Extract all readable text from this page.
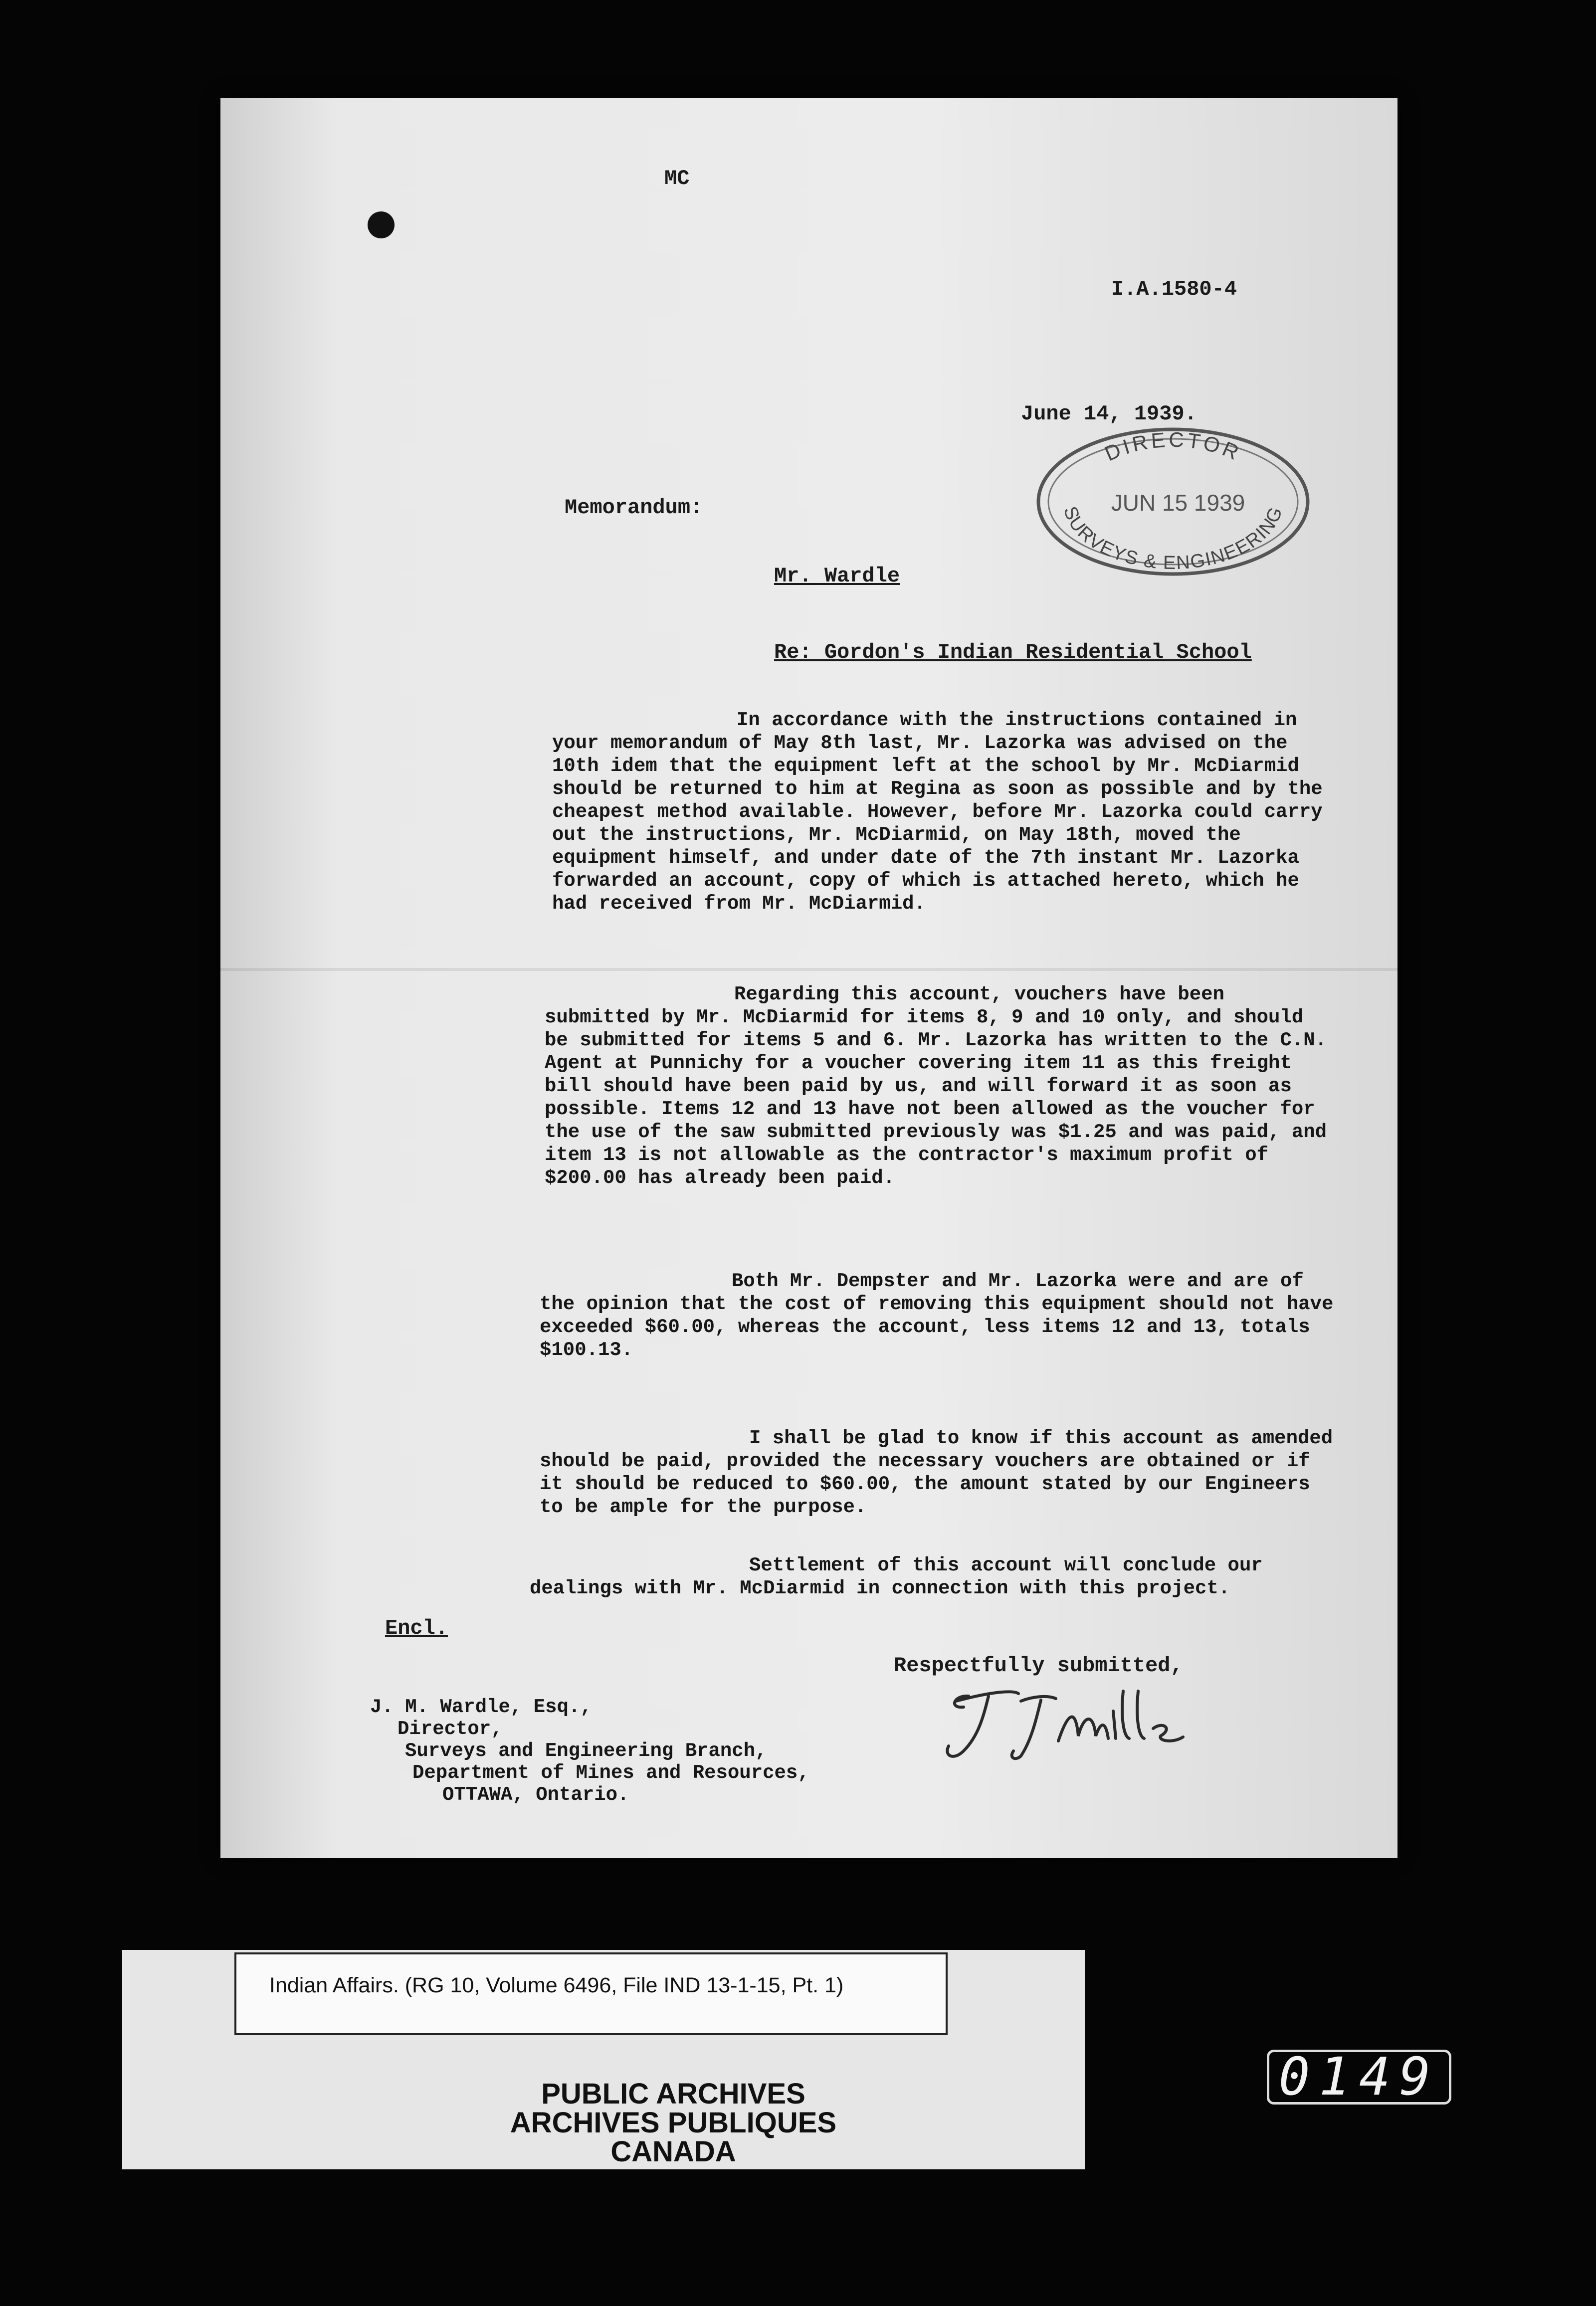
MC
I.A.1580-4
June 14, 1939.
DIRECTOR
JUN 15 1939
SURVEYS & ENGINEERING
Memorandum:
Mr. Wardle
Re: Gordon's Indian Residential School
In accordance with the instructions contained in your memorandum of May 8th last, Mr. Lazorka was advised on the 10th idem that the equipment left at the school by Mr. McDiarmid should be returned to him at Regina as soon as possible and by the cheapest method available. However, before Mr. Lazorka could carry out the instructions, Mr. McDiarmid, on May 18th, moved the equipment himself, and under date of the 7th instant Mr. Lazorka forwarded an account, copy of which is attached hereto, which he had received from Mr. McDiarmid.
Regarding this account, vouchers have been submitted by Mr. McDiarmid for items 8, 9 and 10 only, and should be submitted for items 5 and 6. Mr. Lazorka has written to the C.N. Agent at Punnichy for a voucher covering item 11 as this freight bill should have been paid by us, and will forward it as soon as possible. Items 12 and 13 have not been allowed as the voucher for the use of the saw submitted previously was $1.25 and was paid, and item 13 is not allowable as the contractor's maximum profit of $200.00 has already been paid.
Both Mr. Dempster and Mr. Lazorka were and are of the opinion that the cost of removing this equipment should not have exceeded $60.00, whereas the account, less items 12 and 13, totals $100.13.
I shall be glad to know if this account as amended should be paid, provided the necessary vouchers are obtained or if it should be reduced to $60.00, the amount stated by our Engineers to be ample for the purpose.
Settlement of this account will conclude our dealings with Mr. McDiarmid in connection with this project.
Encl.
Respectfully submitted,
J. M. Wardle, Esq.,
Director,
Surveys and Engineering Branch,
Department of Mines and Resources,
OTTAWA, Ontario.
Indian Affairs. (RG 10, Volume 6496, File IND 13-1-15, Pt. 1)
PUBLIC ARCHIVES
ARCHIVES PUBLIQUES
CANADA
0149
